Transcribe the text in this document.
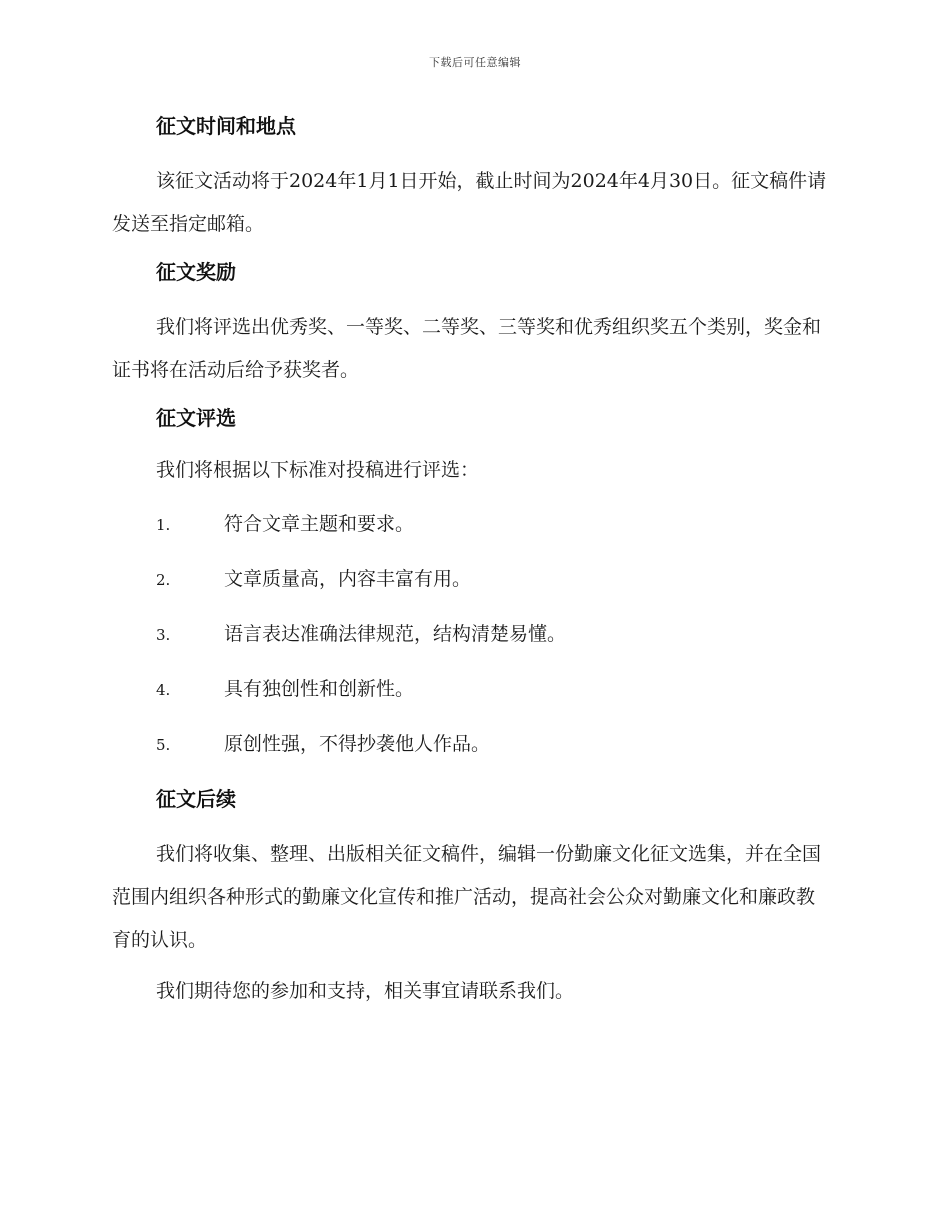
下载后可任意编辑
征文时间和地点

该征文活动将于2024年1月1日开始，截止时间为2024年4月30日。征文稿件请发送至指定邮箱。

征文奖励

我们将评选出优秀奖、一等奖、二等奖、三等奖和优秀组织奖五个类别，奖金和证书将在活动后给予获奖者。

征文评选

我们将根据以下标准对投稿进行评选：

1.	符合文章主题和要求。
2.	文章质量高，内容丰富有用。
3.	语言表达准确法律规范，结构清楚易懂。
4.	具有独创性和创新性。
5.	原创性强，不得抄袭他人作品。
征文后续

我们将收集、整理、出版相关征文稿件，编辑一份勤廉文化征文选集，并在全国范围内组织各种形式的勤廉文化宣传和推广活动，提高社会公众对勤廉文化和廉政教育的认识。

我们期待您的参加和支持，相关事宜请联系我们。
